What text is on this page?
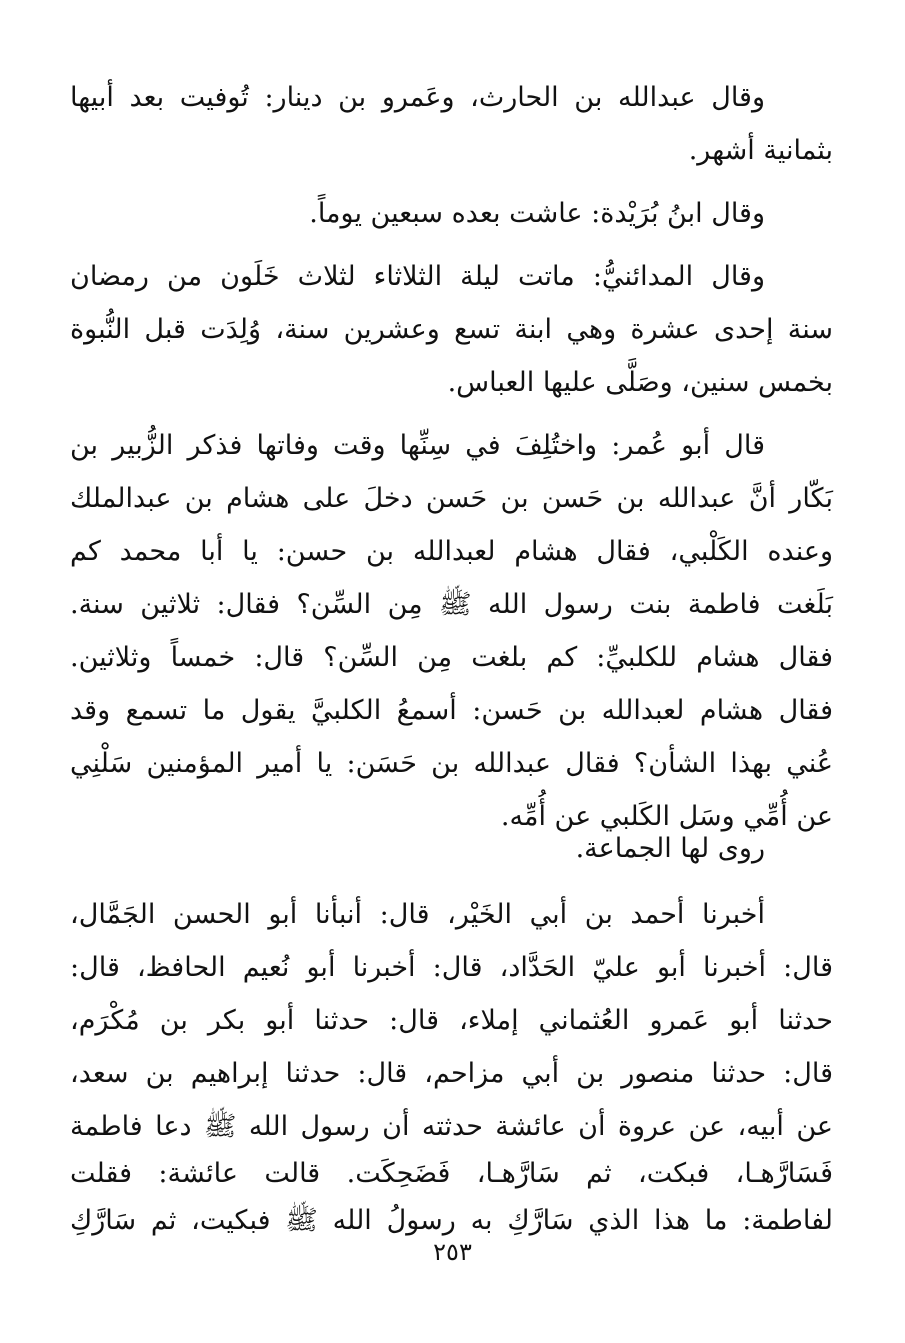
وقال عبدالله بن الحارث، وعَمرو بن دينار: تُوفيت بعد أبيها
بثمانية أشهر.
وقال ابنُ بُرَيْدة: عاشت بعده سبعين يوماً.
وقال المدائنيُّ: ماتت ليلة الثلاثاء لثلاث خَلَون من رمضان
سنة إحدى عشرة وهي ابنة تسع وعشرين سنة، وُلِدَت قبل النُّبوة
بخمس سنين، وصَلَّى عليها العباس.
قال أبو عُمر: واختُلِفَ في سِنِّها وقت وفاتها فذكر الزُّبير بن
بَكّار أنَّ عبدالله بن حَسن بن حَسن دخلَ على هشام بن عبدالملك
وعنده الكَلْبي، فقال هشام لعبدالله بن حسن: يا أبا محمد كم
بَلَغت فاطمة بنت رسول الله ﷺ مِن السِّن؟ فقال: ثلاثين سنة.
فقال هشام للكلبيِّ: كم بلغت مِن السِّن؟ قال: خمساً وثلاثين.
فقال هشام لعبدالله بن حَسن: أسمعُ الكلبيَّ يقول ما تسمع وقد
عُني بهذا الشأن؟ فقال عبدالله بن حَسَن: يا أمير المؤمنين سَلْنِي
عن أُمِّي وسَل الكَلبي عن أُمِّه.
روى لها الجماعة.
أخبرنا أحمد بن أبي الخَيْر، قال: أنبأنا أبو الحسن الجَمَّال،
قال: أخبرنا أبو عليّ الحَدَّاد، قال: أخبرنا أبو نُعيم الحافظ، قال:
حدثنا أبو عَمرو العُثماني إملاء، قال: حدثنا أبو بكر بن مُكْرَم،
قال: حدثنا منصور بن أبي مزاحم، قال: حدثنا إبراهيم بن سعد،
عن أبيه، عن عروة أن عائشة حدثته أن رسول الله ﷺ دعا فاطمة
فَسَارَّهـا، فبكت، ثم سَارَّهـا، فَضَحِكَت. قالت عائشة: فقلت
لفاطمة: ما هذا الذي سَارَّكِ به رسولُ الله ﷺ فبكيت، ثم سَارَّكِ
٢٥٣
